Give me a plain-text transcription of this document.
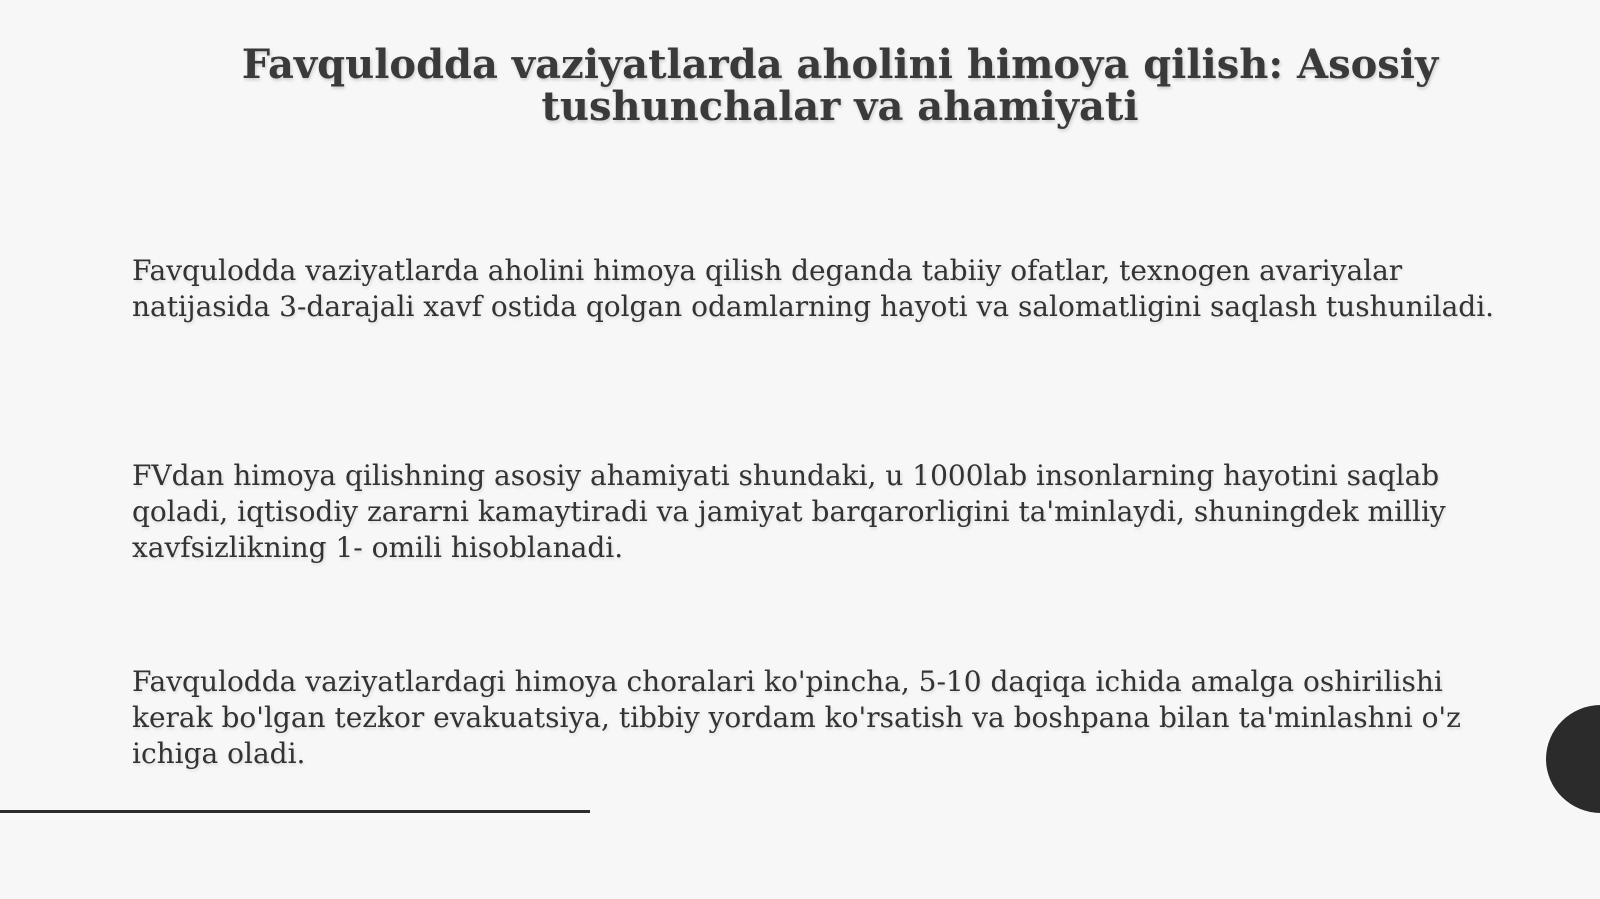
Favqulodda vaziyatlarda aholini himoya qilish: Asosiy tushunchalar va ahamiyati

Favqulodda vaziyatlarda aholini himoya qilish deganda tabiiy ofatlar, texnogen avariyalar natijasida 3-darajali xavf ostida qolgan odamlarning hayoti va salomatligini saqlash tushuniladi.

FVdan himoya qilishning asosiy ahamiyati shundaki, u 1000lab insonlarning hayotini saqlab qoladi, iqtisodiy zararni kamaytiradi va jamiyat barqarorligini ta'minlaydi, shuningdek milliy xavfsizlikning 1- omili hisoblanadi.

Favqulodda vaziyatlardagi himoya choralari ko'pincha, 5-10 daqiqa ichida amalga oshirilishi kerak bo'lgan tezkor evakuatsiya, tibbiy yordam ko'rsatish va boshpana bilan ta'minlashni o'z ichiga oladi.
